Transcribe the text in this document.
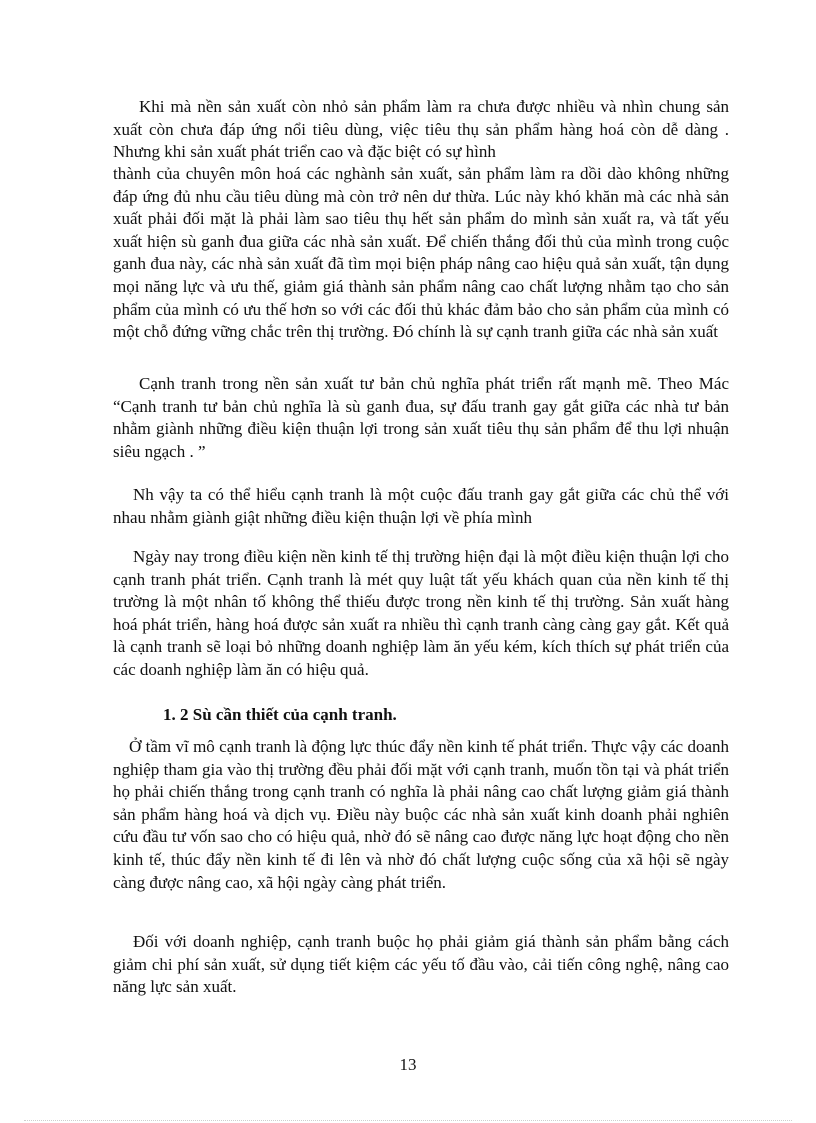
Khi mà nền sản xuất còn nhỏ sản phẩm làm ra chưa được nhiều và nhìn chung sản xuất còn chưa đáp ứng nổi tiêu dùng, việc tiêu thụ sản phẩm hàng hoá còn dễ dàng . Nhưng khi sản xuất phát triển cao và đặc biệt có sự hình

thành của chuyên môn hoá các nghành sản xuất, sản phẩm làm ra dồi dào không những đáp ứng đủ nhu cầu tiêu dùng mà còn trở nên dư thừa. Lúc này khó khăn mà các nhà sản xuất phải đối mặt là phải làm sao tiêu thụ hết sản phẩm do mình sản xuất ra, và tất yếu xuất hiện sù ganh đua giữa các nhà sản xuất. Để chiến thắng đối thủ của mình trong cuộc ganh đua này, các nhà sản xuất đã tìm mọi biện pháp nâng cao hiệu quả sản xuất, tận dụng mọi năng lực và ưu thế, giảm giá thành sản phẩm nâng cao chất lượng nhằm tạo cho sản phẩm của mình có ưu thế hơn so với các đối thủ khác đảm bảo cho sản phẩm của mình có một chỗ đứng vững chắc trên thị trường. Đó chính là sự cạnh tranh giữa các nhà sản xuất

Cạnh tranh trong nền sản xuất tư bản chủ nghĩa phát triển rất mạnh mẽ. Theo Mác “Cạnh tranh tư bản chủ nghĩa là sù ganh đua, sự đấu tranh gay gắt giữa các nhà tư bản nhằm giành những điều kiện thuận lợi trong sản xuất tiêu thụ sản phẩm để thu lợi nhuận siêu ngạch . ”

Nh vậy ta có thể hiểu cạnh tranh là một cuộc đấu tranh gay gắt giữa các chủ thể với nhau nhằm giành giật những điều kiện thuận lợi về phía mình

Ngày nay trong điều kiện nền kinh tế thị trường hiện đại là một điều kiện thuận lợi cho cạnh tranh phát triển. Cạnh tranh là mét quy luật tất yếu khách quan của nền kinh tế thị trường là một nhân tố không thể thiếu được trong nền kinh tế thị trường. Sản xuất hàng hoá phát triển, hàng hoá được sản xuất ra nhiều thì cạnh tranh càng càng gay gắt. Kết quả là cạnh tranh sẽ loại bỏ những doanh nghiệp làm ăn yếu kém, kích thích sự phát triển của các doanh nghiệp làm ăn có hiệu quả.

1. 2 Sù cần thiết của cạnh tranh.

Ở tầm vĩ mô cạnh tranh là động lực thúc đẩy nền kinh tế phát triển. Thực vậy các doanh nghiệp tham gia vào thị trường đều phải đối mặt với cạnh tranh, muốn tồn tại và phát triển họ phải chiến thắng trong cạnh tranh có nghĩa là phải nâng cao chất lượng giảm giá thành sản phẩm hàng hoá và dịch vụ. Điều này buộc các nhà sản xuất kinh doanh phải nghiên cứu đầu tư vốn sao cho có hiệu quả, nhờ đó sẽ nâng cao được năng lực hoạt động cho nền kinh tế, thúc đẩy nền kinh tế đi lên và nhờ đó chất lượng cuộc sống của xã hội sẽ ngày càng được nâng cao, xã hội ngày càng phát triển.

Đối với doanh nghiệp, cạnh tranh buộc họ phải giảm giá thành sản phẩm bằng cách giảm chi phí sản xuất, sử dụng tiết kiệm các yếu tố đầu vào, cải tiến công nghệ, nâng cao năng lực sản xuất.

13
